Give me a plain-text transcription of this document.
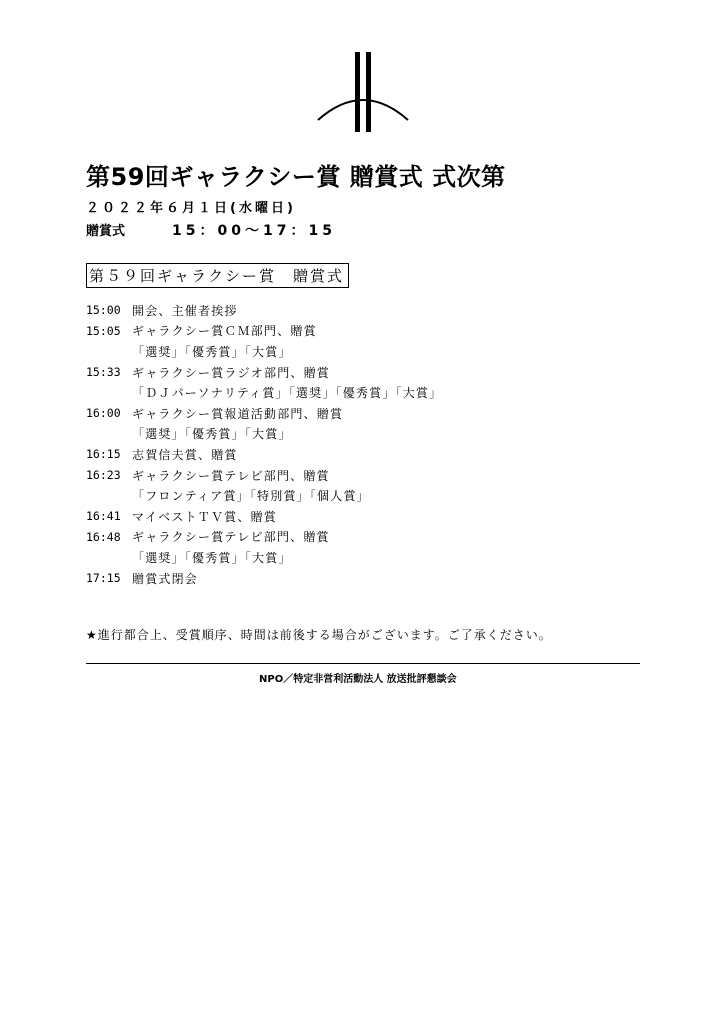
第59回ギャラクシー賞 贈賞式 式次第
２０２２年６月１日(水曜日)
贈賞式	15：00～17：15
第５９回ギャラクシー賞　贈賞式
15:00 開会、主催者挨拶
15:05 ギャラクシー賞ＣＭ部門、贈賞
「選奨」「優秀賞」「大賞」
15:33 ギャラクシー賞ラジオ部門、贈賞
「ＤＪパーソナリティ賞」「選奨」「優秀賞」「大賞」
16:00 ギャラクシー賞報道活動部門、贈賞
「選奨」「優秀賞」「大賞」
16:15 志賀信夫賞、贈賞
16:23 ギャラクシー賞テレビ部門、贈賞
「フロンティア賞」「特別賞」「個人賞」
16:41 マイベストＴＶ賞、贈賞
16:48 ギャラクシー賞テレビ部門、贈賞
「選奨」「優秀賞」「大賞」
17:15 贈賞式閉会
★進行都合上、受賞順序、時間は前後する場合がございます。ご了承ください。
NPO／特定非営利活動法人 放送批評懇談会
